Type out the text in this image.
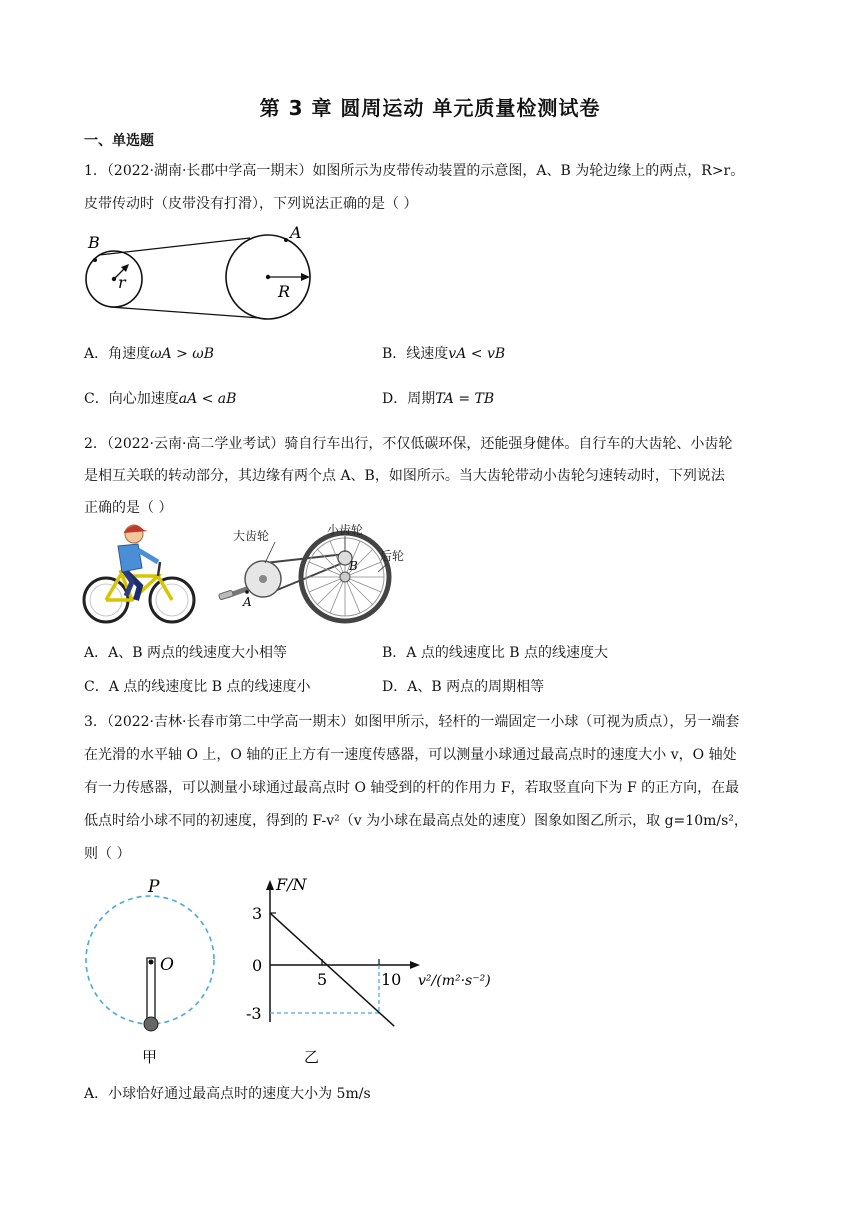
第 3 章 圆周运动 单元质量检测试卷
一、单选题
1．（2022·湖南·长郡中学高一期末）如图所示为皮带传动装置的示意图，A、B 为轮边缘上的两点，R>r。
皮带传动时（皮带没有打滑），下列说法正确的是（ ）
B
A
r	R
A．角速度ωA > ωB	B．线速度vA < vB
C．向心加速度aA < aB	D．周期TA = TB
2．（2022·云南·高二学业考试）骑自行车出行，不仅低碳环保，还能强身健体。自行车的大齿轮、小齿轮
是相互关联的转动部分，其边缘有两个点 A、B，如图所示。当大齿轮带动小齿轮匀速转动时，下列说法
正确的是（ ）
大齿轮	小齿轮
后轮
A
B
A．A、B 两点的线速度大小相等	B．A 点的线速度比 B 点的线速度大
C．A 点的线速度比 B 点的线速度小	D．A、B 两点的周期相等
3．（2022·吉林·长春市第二中学高一期末）如图甲所示，轻杆的一端固定一小球（可视为质点），另一端套
在光滑的水平轴 O 上，O 轴的正上方有一速度传感器，可以测量小球通过最高点时的速度大小 v，O 轴处
有一力传感器，可以测量小球通过最高点时 O 轴受到的杆的作用力 F，若取竖直向下为 F 的正方向，在最
低点时给小球不同的初速度，得到的 F-v²（v 为小球在最高点处的速度）图象如图乙所示，取 g=10m/s²，
则（ ）
P
O
甲
F/N
3
0
-3
5	10 v²/(m²·s⁻²)
乙
A．小球恰好通过最高点时的速度大小为 5m/s
